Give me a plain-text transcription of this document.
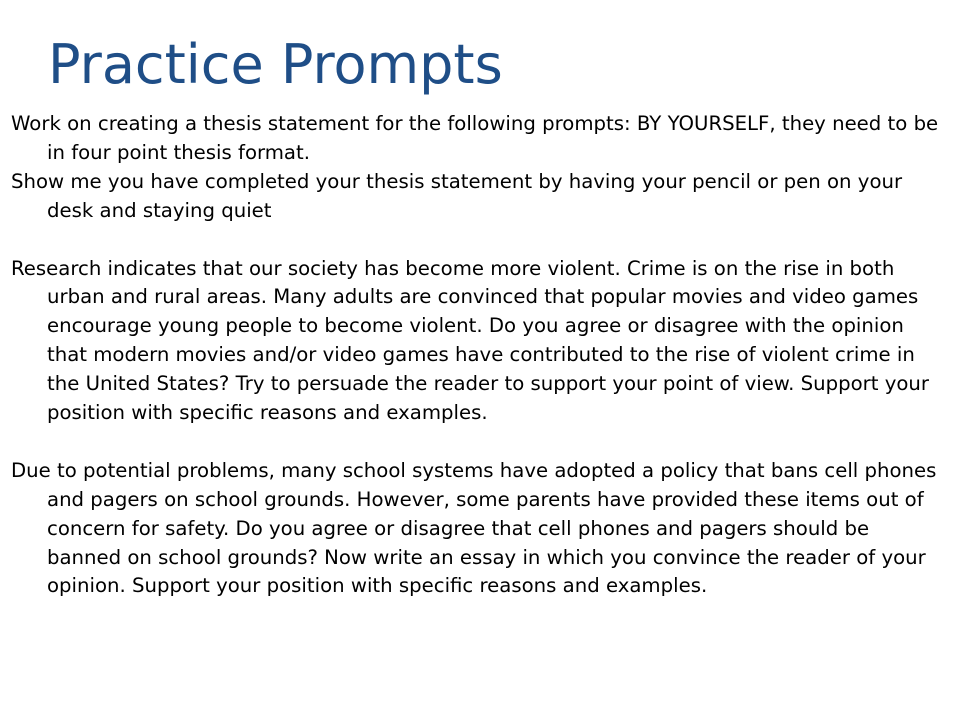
Practice Prompts

Work on creating a thesis statement for the following prompts: BY YOURSELF, they need to be in four point thesis format.

Show me you have completed your thesis statement by having your pencil or pen on your desk and staying quiet

Research indicates that our society has become more violent. Crime is on the rise in both urban and rural areas. Many adults are convinced that popular movies and video games encourage young people to become violent. Do you agree or disagree with the opinion that modern movies and/or video games have contributed to the rise of violent crime in the United States? Try to persuade the reader to support your point of view. Support your position with specific reasons and examples.

Due to potential problems, many school systems have adopted a policy that bans cell phones and pagers on school grounds. However, some parents have provided these items out of concern for safety. Do you agree or disagree that cell phones and pagers should be banned on school grounds? Now write an essay in which you convince the reader of your opinion. Support your position with specific reasons and examples.
